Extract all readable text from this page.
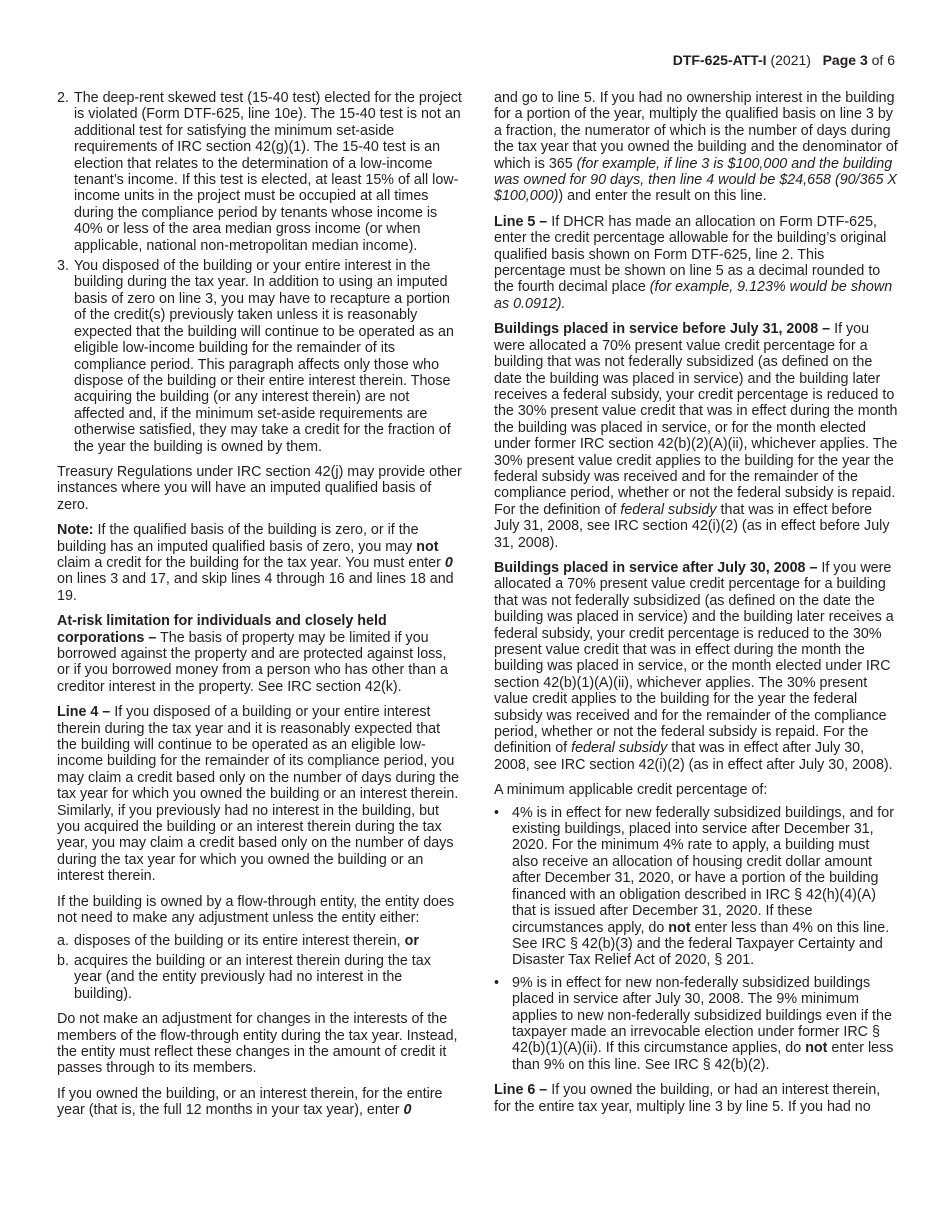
DTF-625-ATT-I (2021) Page 3 of 6
2. The deep-rent skewed test (15-40 test) elected for the project is violated (Form DTF-625, line 10e). The 15-40 test is not an additional test for satisfying the minimum set-aside requirements of IRC section 42(g)(1). The 15-40 test is an election that relates to the determination of a low-income tenant’s income. If this test is elected, at least 15% of all low-income units in the project must be occupied at all times during the compliance period by tenants whose income is 40% or less of the area median gross income (or when applicable, national non-metropolitan median income).
3. You disposed of the building or your entire interest in the building during the tax year. In addition to using an imputed basis of zero on line 3, you may have to recapture a portion of the credit(s) previously taken unless it is reasonably expected that the building will continue to be operated as an eligible low-income building for the remainder of its compliance period. This paragraph affects only those who dispose of the building or their entire interest therein. Those acquiring the building (or any interest therein) are not affected and, if the minimum set-aside requirements are otherwise satisfied, they may take a credit for the fraction of the year the building is owned by them.

Treasury Regulations under IRC section 42(j) may provide other instances where you will have an imputed qualified basis of zero.

Note: If the qualified basis of the building is zero, or if the building has an imputed qualified basis of zero, you may not claim a credit for the building for the tax year. You must enter 0 on lines 3 and 17, and skip lines 4 through 16 and lines 18 and 19.

At-risk limitation for individuals and closely held corporations – The basis of property may be limited if you borrowed against the property and are protected against loss, or if you borrowed money from a person who has other than a creditor interest in the property. See IRC section 42(k).

Line 4 – If you disposed of a building or your entire interest therein during the tax year and it is reasonably expected that the building will continue to be operated as an eligible low-income building for the remainder of its compliance period, you may claim a credit based only on the number of days during the tax year for which you owned the building or an interest therein. Similarly, if you previously had no interest in the building, but you acquired the building or an interest therein during the tax year, you may claim a credit based only on the number of days during the tax year for which you owned the building or an interest therein.

If the building is owned by a flow-through entity, the entity does not need to make any adjustment unless the entity either:

a. disposes of the building or its entire interest therein, or
b. acquires the building or an interest therein during the tax year (and the entity previously had no interest in the building).

Do not make an adjustment for changes in the interests of the members of the flow-through entity during the tax year. Instead, the entity must reflect these changes in the amount of credit it passes through to its members.

If you owned the building, or an interest therein, for the entire year (that is, the full 12 months in your tax year), enter 0

and go to line 5. If you had no ownership interest in the building for a portion of the year, multiply the qualified basis on line 3 by a fraction, the numerator of which is the number of days during the tax year that you owned the building and the denominator of which is 365 (for example, if line 3 is $100,000 and the building was owned for 90 days, then line 4 would be $24,658 (90/365 X $100,000)) and enter the result on this line.

Line 5 – If DHCR has made an allocation on Form DTF-625, enter the credit percentage allowable for the building’s original qualified basis shown on Form DTF-625, line 2. This percentage must be shown on line 5 as a decimal rounded to the fourth decimal place (for example, 9.123% would be shown as 0.0912).

Buildings placed in service before July 31, 2008 – If you were allocated a 70% present value credit percentage for a building that was not federally subsidized (as defined on the date the building was placed in service) and the building later receives a federal subsidy, your credit percentage is reduced to the 30% present value credit that was in effect during the month the building was placed in service, or for the month elected under former IRC section 42(b)(2)(A)(ii), whichever applies. The 30% present value credit applies to the building for the year the federal subsidy was received and for the remainder of the compliance period, whether or not the federal subsidy is repaid. For the definition of federal subsidy that was in effect before July 31, 2008, see IRC section 42(i)(2) (as in effect before July 31, 2008).

Buildings placed in service after July 30, 2008 – If you were allocated a 70% present value credit percentage for a building that was not federally subsidized (as defined on the date the building was placed in service) and the building later receives a federal subsidy, your credit percentage is reduced to the 30% present value credit that was in effect during the month the building was placed in service, or the month elected under IRC section 42(b)(1)(A)(ii), whichever applies. The 30% present value credit applies to the building for the year the federal subsidy was received and for the remainder of the compliance period, whether or not the federal subsidy is repaid. For the definition of federal subsidy that was in effect after July 30, 2008, see IRC section 42(i)(2) (as in effect after July 30, 2008).

A minimum applicable credit percentage of:

• 4% is in effect for new federally subsidized buildings, and for existing buildings, placed into service after December 31, 2020. For the minimum 4% rate to apply, a building must also receive an allocation of housing credit dollar amount after December 31, 2020, or have a portion of the building financed with an obligation described in IRC § 42(h)(4)(A) that is issued after December 31, 2020. If these circumstances apply, do not enter less than 4% on this line. See IRC § 42(b)(3) and the federal Taxpayer Certainty and Disaster Tax Relief Act of 2020, § 201.
• 9% is in effect for new non-federally subsidized buildings placed in service after July 30, 2008. The 9% minimum applies to new non-federally subsidized buildings even if the taxpayer made an irrevocable election under former IRC § 42(b)(1)(A)(ii). If this circumstance applies, do not enter less than 9% on this line. See IRC § 42(b)(2).

Line 6 – If you owned the building, or had an interest therein, for the entire tax year, multiply line 3 by line 5. If you had no
